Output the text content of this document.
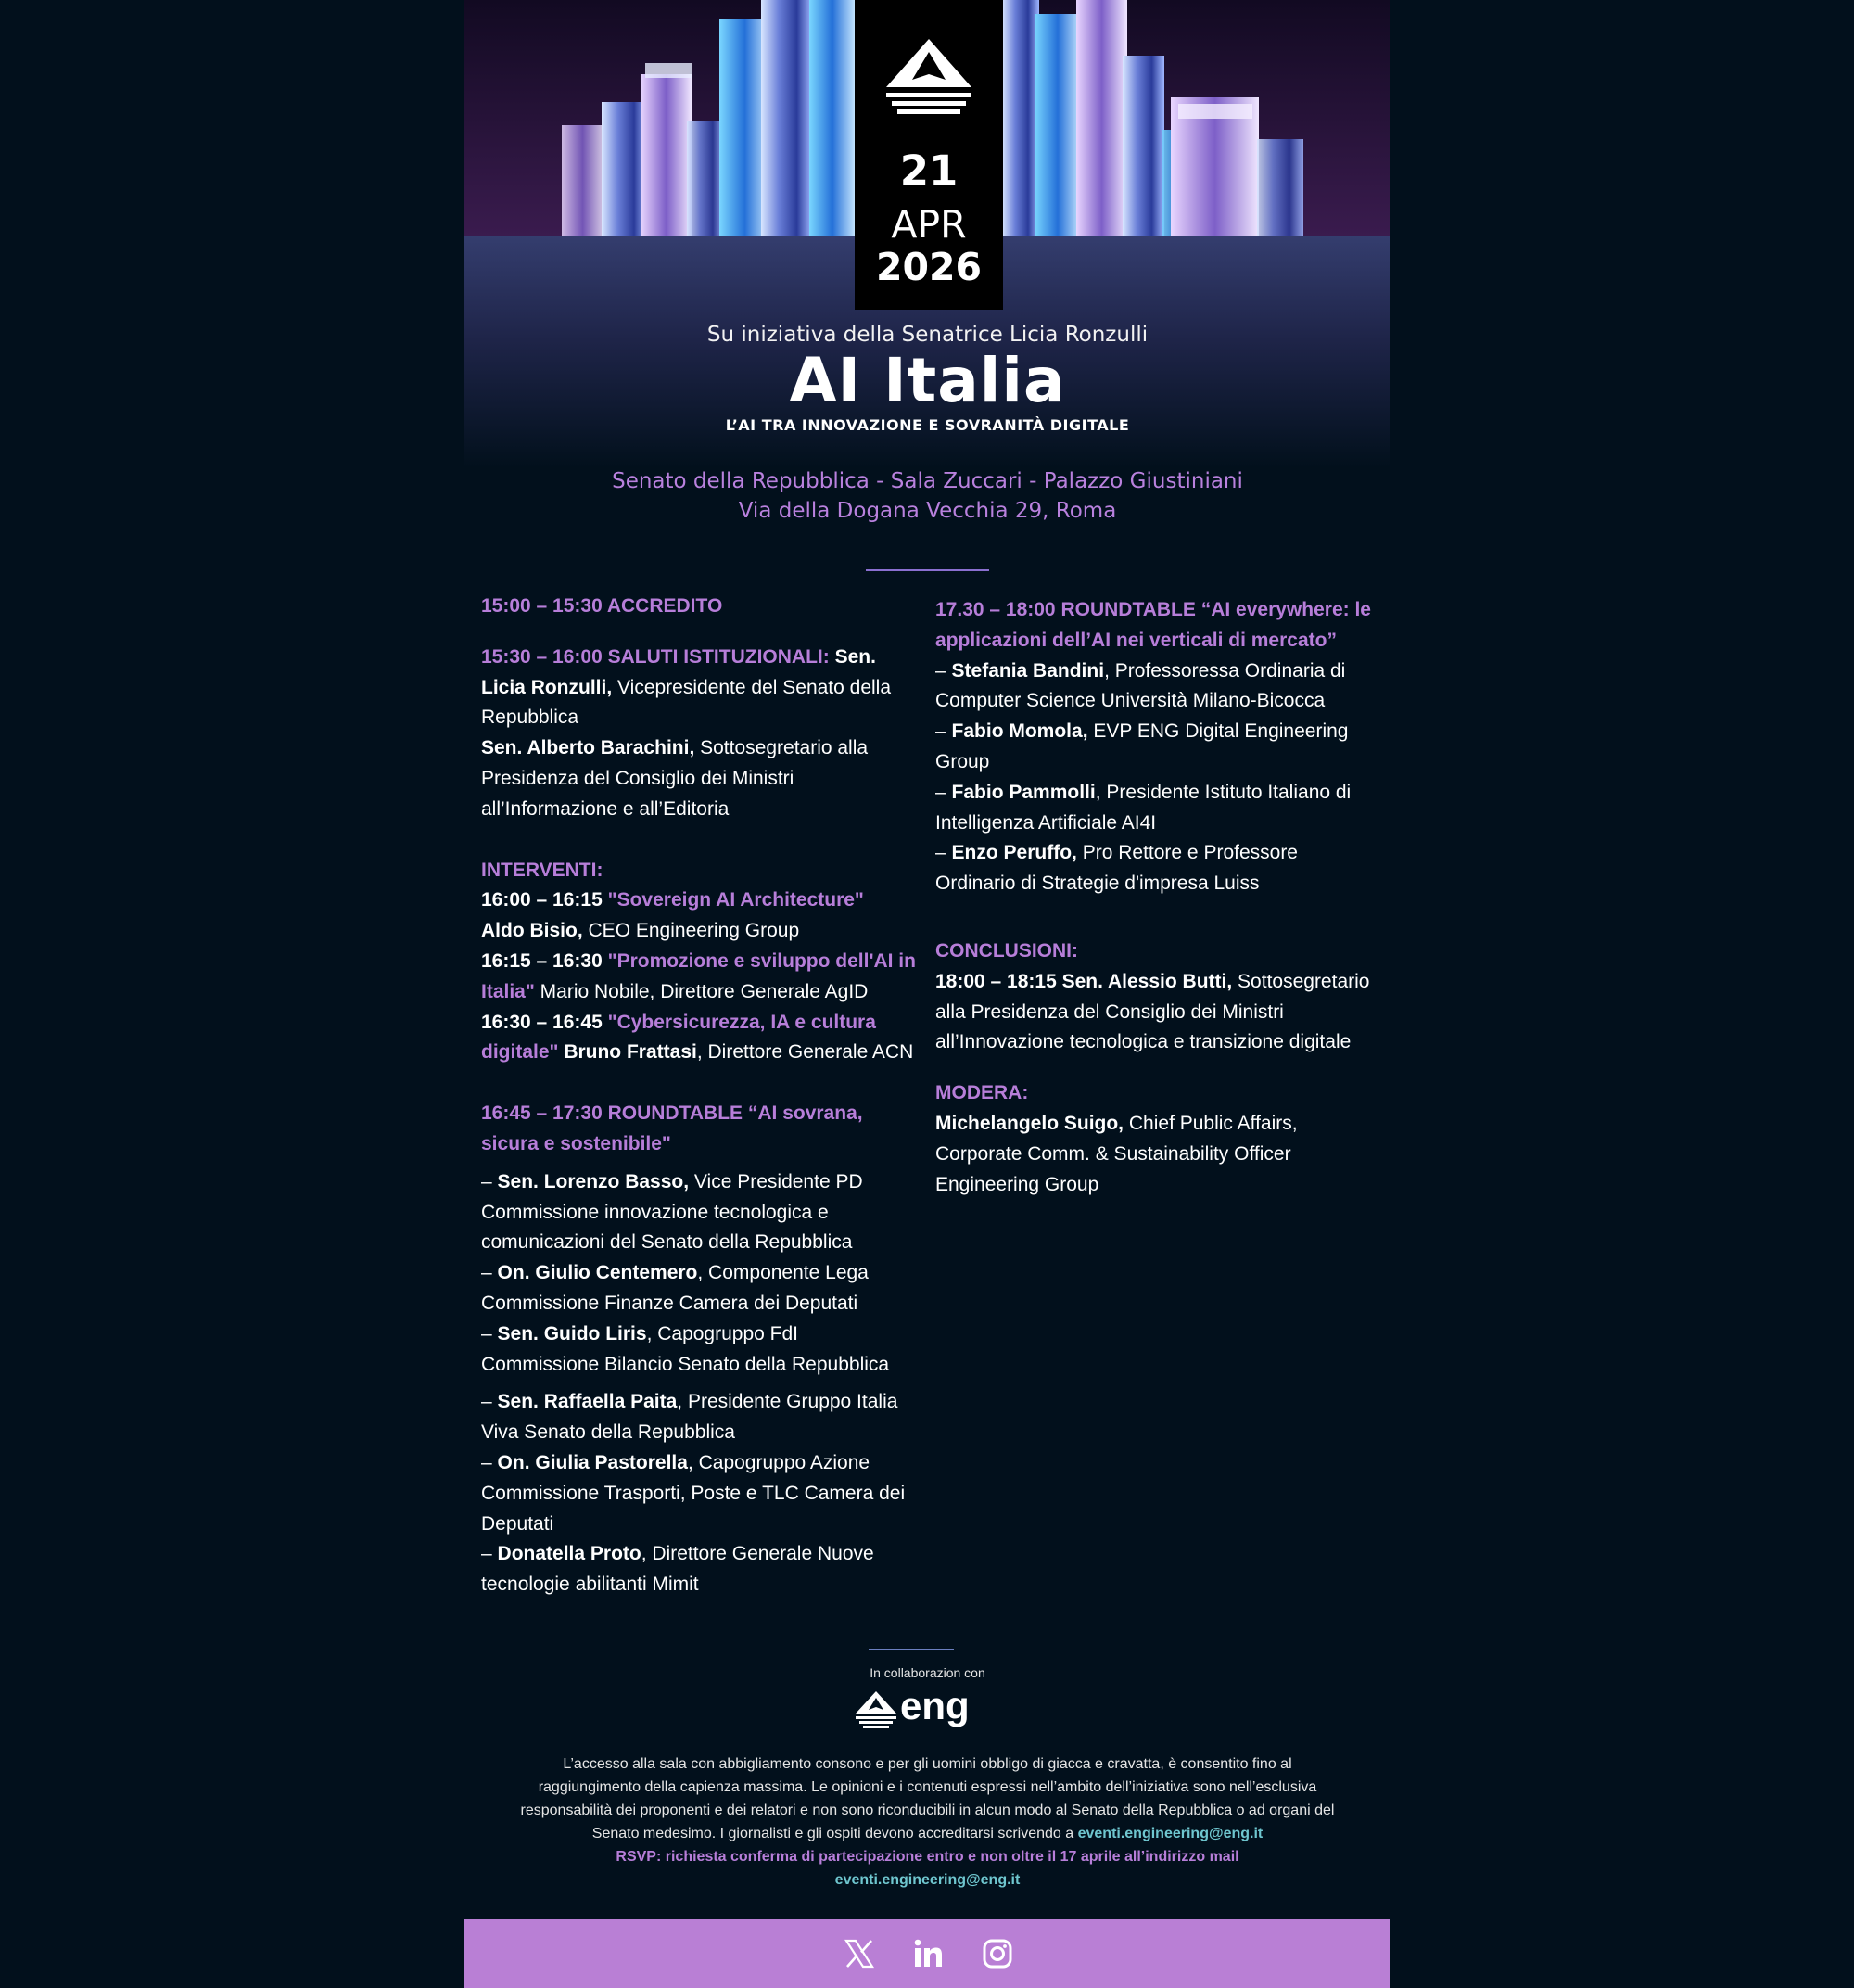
21
APR
2026
Su iniziativa della Senatrice Licia Ronzulli
AI Italia
L’AI TRA INNOVAZIONE E SOVRANITÀ DIGITALE
Senato della Repubblica - Sala Zuccari - Palazzo Giustiniani
Via della Dogana Vecchia 29, Roma

15:00 – 15:30 ACCREDITO

15:30 – 16:00 SALUTI ISTITUZIONALI: Sen. Licia Ronzulli, Vicepresidente del Senato della Repubblica

Sen. Alberto Barachini, Sottosegretario alla Presidenza del Consiglio dei Ministri all’Informazione e all’Editoria

INTERVENTI:

16:00 – 16:15 "Sovereign AI Architecture"
Aldo Bisio, CEO Engineering Group

16:15 – 16:30 "Promozione e sviluppo dell'AI in Italia" Mario Nobile, Direttore Generale AgID

16:30 – 16:45 "Cybersicurezza, IA e cultura digitale" Bruno Frattasi, Direttore Generale ACN

16:45 – 17:30 ROUNDTABLE “AI sovrana, sicura e sostenibile"

– Sen. Lorenzo Basso, Vice Presidente PD Commissione innovazione tecnologica e comunicazioni del Senato della Repubblica

– On. Giulio Centemero, Componente Lega Commissione Finanze Camera dei Deputati

– Sen. Guido Liris, Capogruppo FdI Commissione Bilancio Senato della Repubblica

– Sen. Raffaella Paita, Presidente Gruppo Italia Viva Senato della Repubblica

– On. Giulia Pastorella, Capogruppo Azione Commissione Trasporti, Poste e TLC Camera dei Deputati

– Donatella Proto, Direttore Generale Nuove tecnologie abilitanti Mimit

17.30 – 18:00 ROUNDTABLE “AI everywhere: le applicazioni dell’AI nei verticali di mercato”

– Stefania Bandini, Professoressa Ordinaria di Computer Science Università Milano-Bicocca

– Fabio Momola, EVP ENG Digital Engineering Group

– Fabio Pammolli, Presidente Istituto Italiano di Intelligenza Artificiale AI4I

– Enzo Peruffo, Pro Rettore e Professore Ordinario di Strategie d'impresa Luiss

CONCLUSIONI:

18:00 – 18:15 Sen. Alessio Butti, Sottosegretario alla Presidenza del Consiglio dei Ministri all’Innovazione tecnologica e transizione digitale

MODERA:

Michelangelo Suigo, Chief Public Affairs, Corporate Comm. & Sustainability Officer Engineering Group

In collaborazion con
eng
L’accesso alla sala con abbigliamento consono e per gli uomini obbligo di giacca e cravatta, è consentito fino al raggiungimento della capienza massima. Le opinioni e i contenuti espressi nell’ambito dell’iniziativa sono nell’esclusiva responsabilità dei proponenti e dei relatori e non sono riconducibili in alcun modo al Senato della Repubblica o ad organi del Senato medesimo. I giornalisti e gli ospiti devono accreditarsi scrivendo a eventi.engineering@eng.it
RSVP: richiesta conferma di partecipazione entro e non oltre il 17 aprile all’indirizzo mail
eventi.engineering@eng.it
